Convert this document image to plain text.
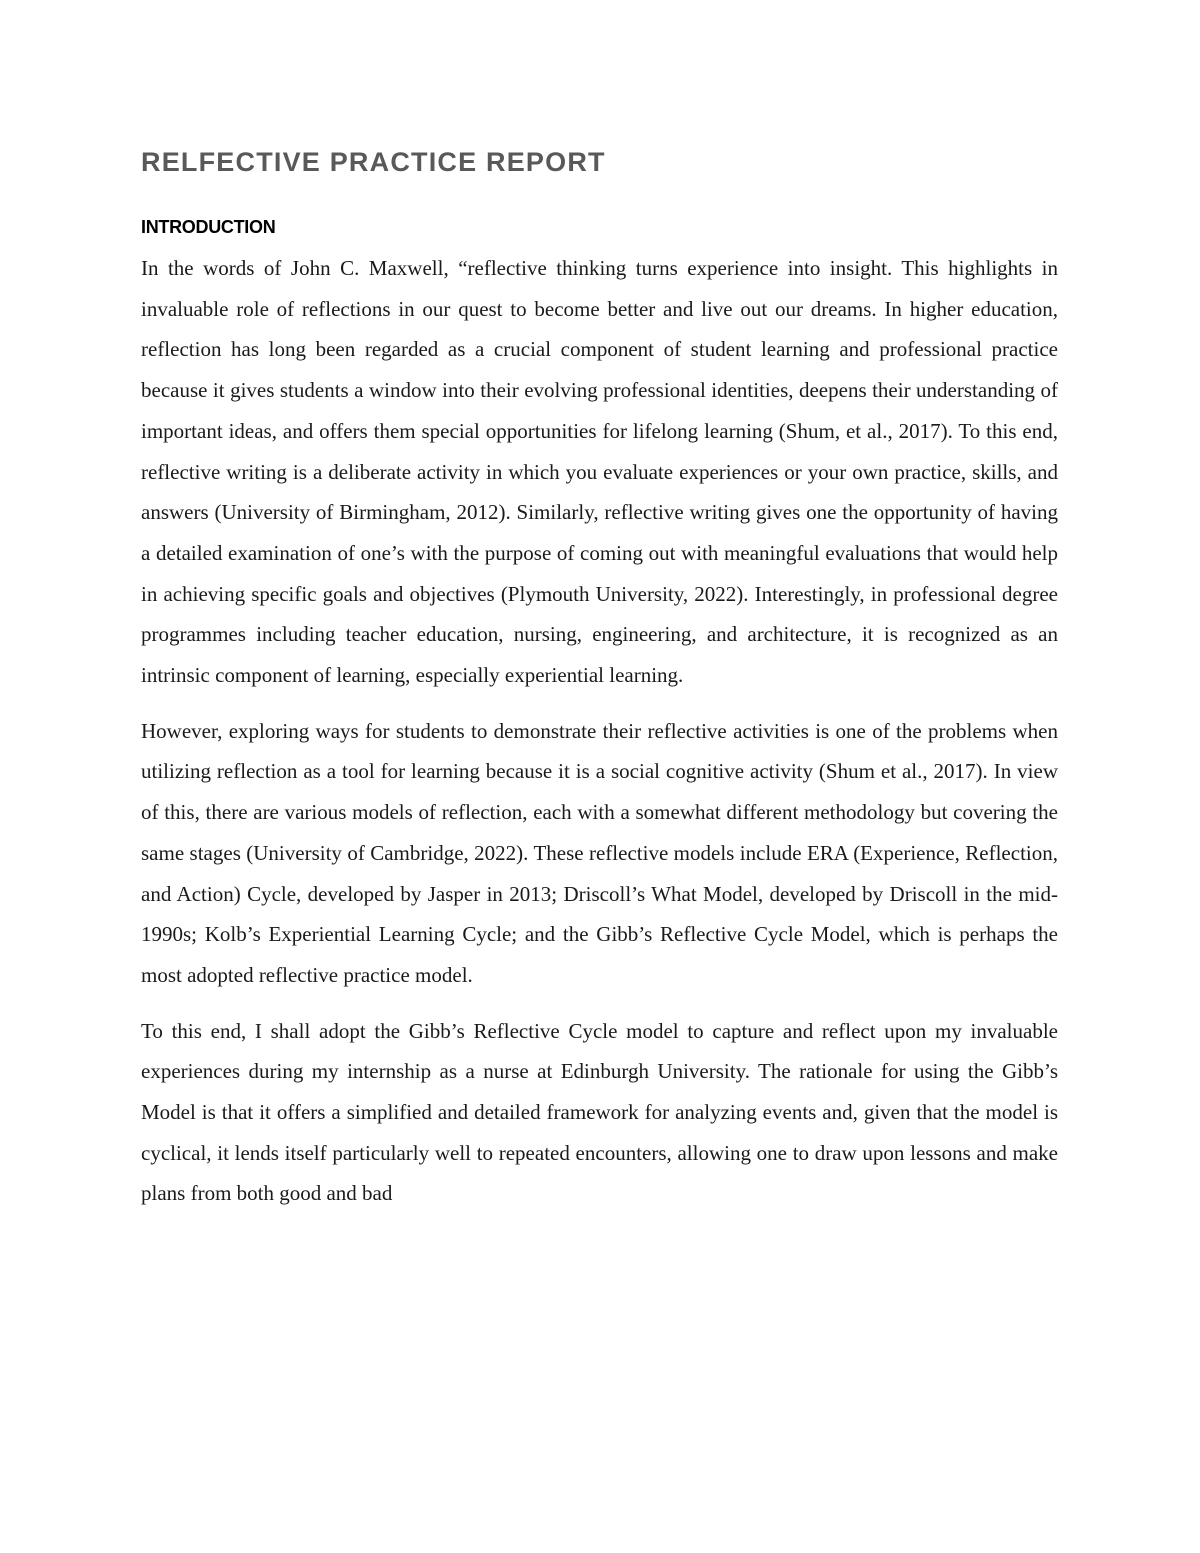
RELFECTIVE PRACTICE REPORT
INTRODUCTION

In the words of John C. Maxwell, “reflective thinking turns experience into insight. This highlights in invaluable role of reflections in our quest to become better and live out our dreams. In higher education, reflection has long been regarded as a crucial component of student learning and professional practice because it gives students a window into their evolving professional identities, deepens their understanding of important ideas, and offers them special opportunities for lifelong learning (Shum, et al., 2017). To this end, reflective writing is a deliberate activity in which you evaluate experiences or your own practice, skills, and answers (University of Birmingham, 2012). Similarly, reflective writing gives one the opportunity of having a detailed examination of one’s with the purpose of coming out with meaningful evaluations that would help in achieving specific goals and objectives (Plymouth University, 2022). Interestingly, in professional degree programmes including teacher education, nursing, engineering, and architecture, it is recognized as an intrinsic component of learning, especially experiential learning.

However, exploring ways for students to demonstrate their reflective activities is one of the problems when utilizing reflection as a tool for learning because it is a social cognitive activity (Shum et al., 2017). In view of this, there are various models of reflection, each with a somewhat different methodology but covering the same stages (University of Cambridge, 2022). These reflective models include ERA (Experience, Reflection, and Action) Cycle, developed by Jasper in 2013; Driscoll’s What Model, developed by Driscoll in the mid-1990s; Kolb’s Experiential Learning Cycle; and the Gibb’s Reflective Cycle Model, which is perhaps the most adopted reflective practice model.

To this end, I shall adopt the Gibb’s Reflective Cycle model to capture and reflect upon my invaluable experiences during my internship as a nurse at Edinburgh University. The rationale for using the Gibb’s Model is that it offers a simplified and detailed framework for analyzing events and, given that the model is cyclical, it lends itself particularly well to repeated encounters, allowing one to draw upon lessons and make plans from both good and bad
